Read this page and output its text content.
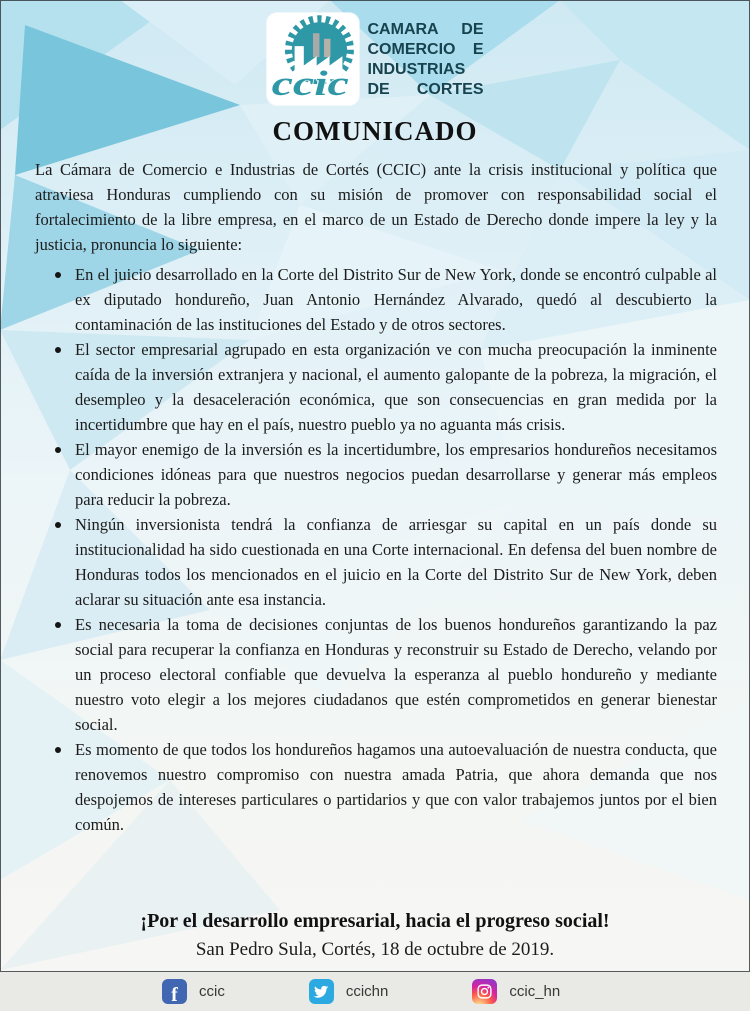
ccic
CAMARA DE
COMERCIO E
INDUSTRIAS
DE CORTES
COMUNICADO

La Cámara de Comercio e Industrias de Cortés (CCIC) ante la crisis institucional y política que atraviesa Honduras cumpliendo con su misión de promover con responsabilidad social el fortalecimiento de la libre empresa, en el marco de un Estado de Derecho donde impere la ley y la justicia, pronuncia lo siguiente:

En el juicio desarrollado en la Corte del Distrito Sur de New York, donde se encontró culpable al ex diputado hondureño, Juan Antonio Hernández Alvarado, quedó al descubierto la contaminación de las instituciones del Estado y de otros sectores.
El sector empresarial agrupado en esta organización ve con mucha preocupación la inminente caída de la inversión extranjera y nacional, el aumento galopante de la pobreza, la migración, el desempleo y la desaceleración económica, que son consecuencias en gran medida por la incertidumbre que hay en el país, nuestro pueblo ya no aguanta más crisis.
El mayor enemigo de la inversión es la incertidumbre, los empresarios hondureños necesitamos condiciones idóneas para que nuestros negocios puedan desarrollarse y generar más empleos para reducir la pobreza.
Ningún inversionista tendrá la confianza de arriesgar su capital en un país donde su institucionalidad ha sido cuestionada en una Corte internacional. En defensa del buen nombre de Honduras todos los mencionados en el juicio en la Corte del Distrito Sur de New York, deben aclarar su situación ante esa instancia.
Es necesaria la toma de decisiones conjuntas de los buenos hondureños garantizando la paz social para recuperar la confianza en Honduras y reconstruir su Estado de Derecho, velando por un proceso electoral confiable que devuelva la esperanza al pueblo hondureño y mediante nuestro voto elegir a los mejores ciudadanos que estén comprometidos en generar bienestar social.
Es momento de que todos los hondureños hagamos una autoevaluación de nuestra conducta, que renovemos nuestro compromiso con nuestra amada Patria, que ahora demanda que nos despojemos de intereses particulares o partidarios y que con valor trabajemos juntos por el bien común.
¡Por el desarrollo empresarial, hacia el progreso social!
San Pedro Sula, Cortés, 18 de octubre de 2019.
f ccic	ccichn	ccic_hn
